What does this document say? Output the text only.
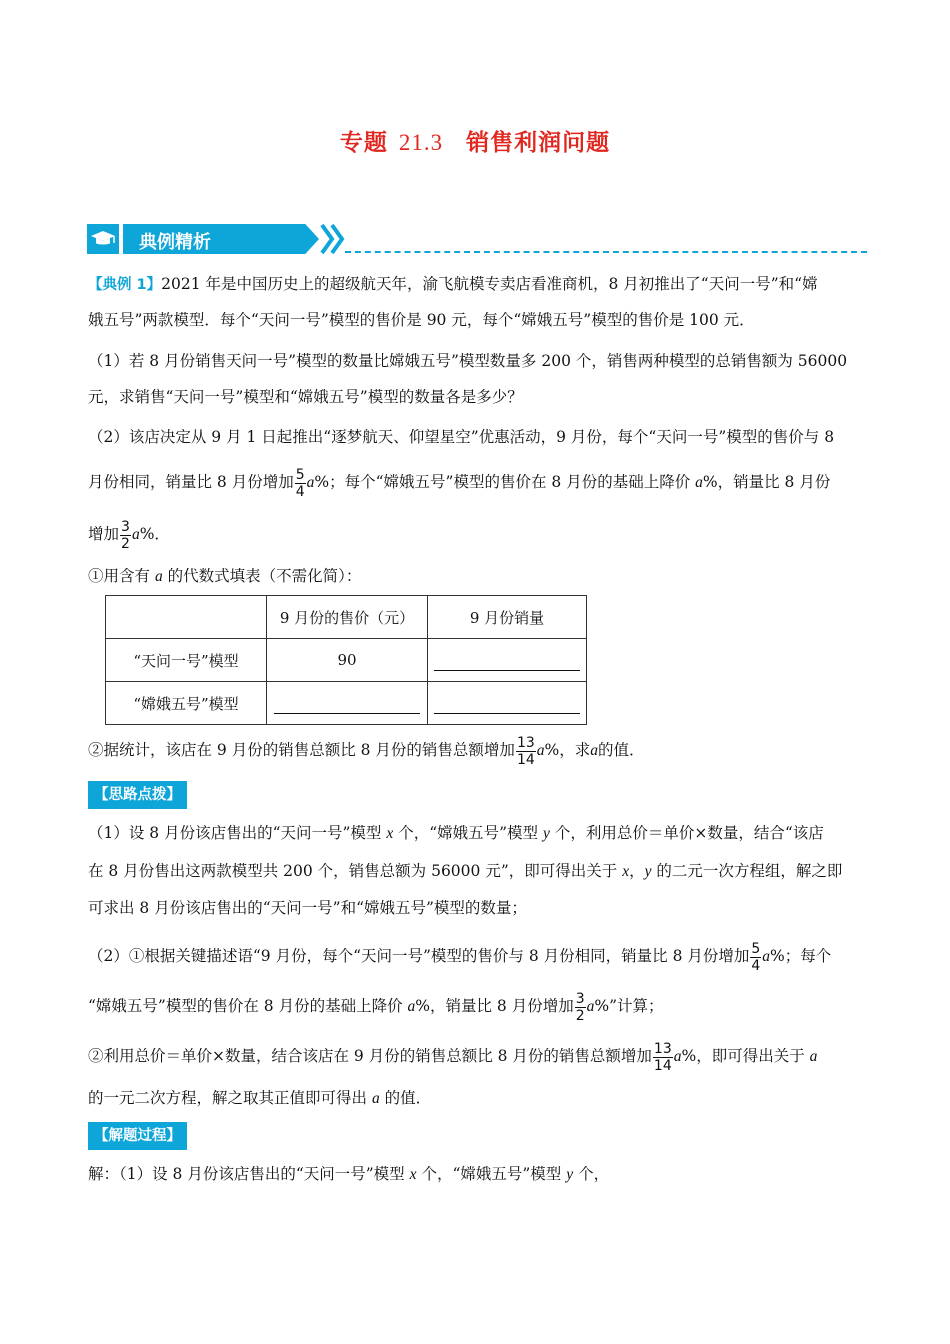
专题 21.3 销售利润问题
典例精析
【典例 1】2021 年是中国历史上的超级航天年，渝飞航模专卖店看准商机，8 月初推出了“天问一号”和“嫦
娥五号”两款模型．每个“天问一号”模型的售价是 90 元，每个“嫦娥五号”模型的售价是 100 元．
（1）若 8 月份销售天问一号”模型的数量比嫦娥五号”模型数量多 200 个，销售两种模型的总销售额为 56000
元，求销售“天问一号”模型和“嫦娥五号”模型的数量各是多少？
（2）该店决定从 9 月 1 日起推出“逐梦航天、仰望星空”优惠活动，9 月份，每个“天问一号”模型的售价与 8
月份相同，销量比 8 月份增加 $\frac{5}{4} a\%$；每个“嫦娥五号”模型的售价在 8 月份的基础上降价 a%，销量比 8 月份
增加 $\frac{3}{2} a\%$．
①用含有 a 的代数式填表（不需化简）：
	9 月份的售价（元）	9 月份销量
“天问一号”模型	90	
“嫦娥五号”模型		
②据统计，该店在 9 月份的销售总额比 8 月份的销售总额增加 $\frac{13}{14} a\%$，求a的值．
【思路点拨】
（1）设 8 月份该店售出的“天问一号”模型 x 个，“嫦娥五号”模型 y 个，利用总价＝单价×数量，结合“该店
在 8 月份售出这两款模型共 200 个，销售总额为 56000 元”，即可得出关于 x，y 的二元一次方程组，解之即
可求出 8 月份该店售出的“天问一号”和“嫦娥五号”模型的数量；
（2）①根据关键描述语“9 月份，每个“天问一号”模型的售价与 8 月份相同，销量比 8 月份增加 $\frac{5}{4} a\%$；每个
“嫦娥五号”模型的售价在 8 月份的基础上降价 a%，销量比 8 月份增加 $\frac{3}{2} a\%$”计算；
②利用总价＝单价×数量，结合该店在 9 月份的销售总额比 8 月份的销售总额增加 $\frac{13}{14} a\%$，即可得出关于 a
的一元二次方程，解之取其正值即可得出 a 的值．
【解题过程】
解：（1）设 8 月份该店售出的“天问一号”模型 x 个，“嫦娥五号”模型 y 个，
